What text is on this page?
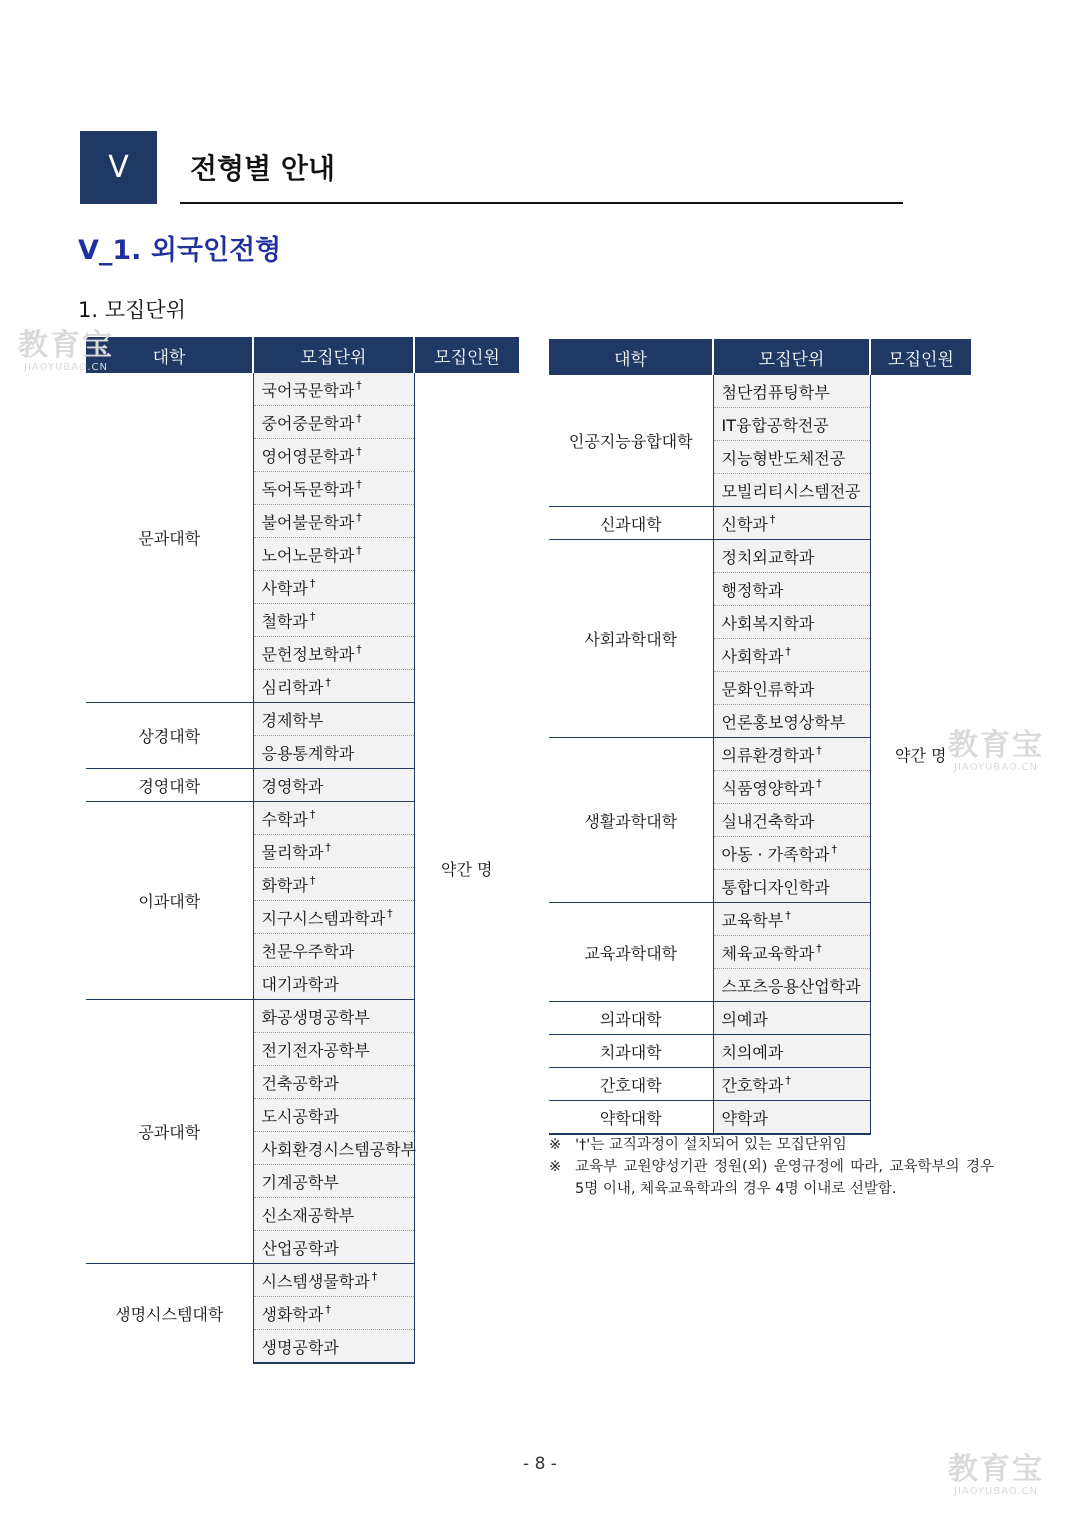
V 전형별 안내
V_1. 외국인전형
1. 모집단위
대학	모집단위	모집인원
문과대학	국어국문학과 †	약간 명
	중어중문학과 †
	영어영문학과 †
	독어독문학과 †
	불어불문학과 †
	노어노문학과 †
	사학과 †
	철학과 †
	문헌정보학과 †
	심리학과 †
상경대학	경제학부	
	응용통계학과	
경영대학	경영학과	
이과대학	수학과 †
	물리학과 †
	화학과 †
	지구시스템과학과 †
	천문우주학과	
	대기과학과	
공과대학	화공생명공학부	
	전기전자공학부	
	건축공학과	
	도시공학과	
	사회환경시스템공학부	
	기계공학부	
	신소재공학부	
	산업공학과	
생명시스템대학	시스템생물학과 †
	생화학과 †
	생명공학과	
대학	모집단위	모집인원
인공지능융합대학	첨단컴퓨팅학부	약간 명
	IT융합공학전공	
	지능형반도체전공	
	모빌리티시스템전공	
신과대학	신학과 †
사회과학대학	정치외교학과	
	행정학과	
	사회복지학과	
	사회학과 †
	문화인류학과	
	언론홍보영상학부	
생활과학대학	의류환경학과 †
	식품영양학과 †
	실내건축학과	
	아동 · 가족학과 †
	통합디자인학과	
교육과학대학	교육학부 †
	체육교육학과 †
	스포츠응용산업학과	
의과대학	의예과	
치과대학	치의예과	
간호대학	간호학과 †
약학대학	약학과	
※ '†'는 교직과정이 설치되어 있는 모집단위임
※ 교육부 교원양성기관 정원(외) 운영규정에 따라, 교육학부의 경우 5명 이내, 체육교육학과의 경우 4명 이내로 선발함.
- 8 -
教育宝
JIAOYUBAO.CN
教育宝
JIAOYUBAO.CN
教育宝
JIAOYUBAO.CN
